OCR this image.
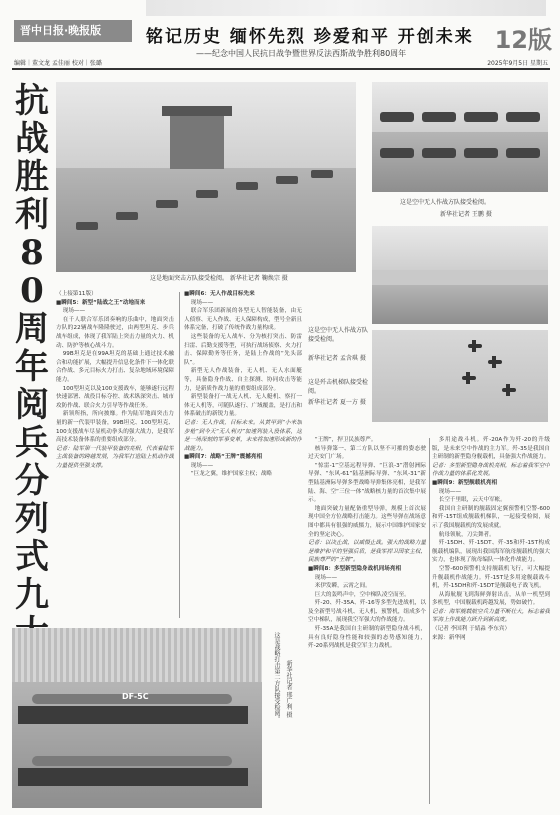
晋中日报·晚报版	铭记历史 缅怀先烈 珍爱和平 开创未来 12版
——纪念中国人民抗日战争暨世界反法西斯战争胜利80周年
编辑｜董文龙 孟佳丽 校对｜张璐	2025年9月5日 星期五
抗战胜利80周年阅兵分列式九
这是地面突击方队接受检阅。 新华社记者 鞠焕宗 摄
这是空中无人作战方队接受检阅。
新华社记者 王鹏 摄
这是空中无人作战方队接受检阅。
新华社记者 孟含琪 摄
这是歼击机梯队接受检阅。
新华社记者 夏一方 摄

（上接第11版）

■瞬间5：新型“陆战之王”动地而来

现场——

在千人联合军乐团奏响的乐曲中，地面突击方队的22辆战车隆隆驶过，由两型坦克、步兵战车组成，体现了我军陆上突击力量的火力、机动、防护等核心战斗力。

99B坦克是在99A坦克的基础上通过技术融合和功能扩展，大幅提升信息化条件下一体化联合作战、多元目标火力打击、复杂地域环境保障能力。

100型坦克以及100支援战车，能够遂行远程快速部署、战役目标夺控、战术纵深突击、城市攻防作战、联合火力引导等作战任务。

新领所指，所向披靡。作为陆军地面突击力量的新一代装甲装备，99B坦克、100型坦克、100支援战车尽显机动拳头的强大战力，是我军高技术装备体系的重要组成部分。

记者：陆军第一代装甲装备的亮相，代表着陆军主战装备的跨越发展，为我军打造陆上机动作战力量提供坚强支撑。

■瞬间6：无人作战目标先来

现场——

联合军乐团新展的各型无人智能装备，由无人侦察、无人作战、无人保障构成，型号全新且体系完备，打破了传统作战力量构成。

这些装备的无人战车、分为核打突击、防雷扫雷、后勤支援等型，可执行战场侦察、火力打击、保障勤务等任务，是陆上作战的“先头部队”。

新型无人作战装备，无人机、无人水面艇等，具备隐身作战、自主探测、协同攻击等能力，是新质作战力量的重要组成部分。

新型装备打一战无人机、无人艇机、察打一体无人机等，可随队遂行、广域覆盖，是打击和体系破击的新锐力量。

记者：无人作战，目标未来。从黄甲到“小米加步枪”到今天“无人利刃”加速列装入役体系，这是一场深刻的军事变革，未来将加速形成新的作战能力。

■瞬间7：战略“王牌”震撼亮相

现场——

“巨龙之翼，维护国家主权；战略

“王牌”，捍卫民族尊严。

核导弹第一、第二方队以坚不可摧的姿态驶过天安门广场。

“惊雷-1”空基远程导弹、“巨浪-3”潜射洲际导弹、“东风-61”陆基洲际导弹、“东风-31”新型陆基洲际导弹多型战略导弹集体亮相，是我军陆、海、空“三位一体”战略核力量的首次集中展示。

地面突破力量配备重型导弹，规模上首次展现中国全方位战略打击能力。这些导弹在战场意图中都具有很强的威慑力，展示中国维护国家安全的坚定决心。

记者：以决止战，以威慑止战。强大的战略力量是维护和平的坚强后盾，是我军捍卫国家主权、民族尊严的“王牌”。

■瞬间8：多型新型隐身战机同场亮相

现场——

米伊发瞬，云霄之间。

巨大的轰鸣声中，空中梯队凌空而至。

歼-20、歼-35A、歼-16等多型先进战机，以及全新型号战斗机、无人机、预警机，组成多个空中梯队，展现我空军强大的作战能力。

歼-35A是我国自主研制的新型隐身战斗机，具有良好隐身性能和较强的态势感知能力，歼-20系列战机是我空军主力战机。

多用途战斗机。歼-20A作为歼-20的升级版，是未来空中作战的主力军。歼-35是我国自主研制的新型隐身舰载机，具备强大作战能力。

记者：多型新型隐身战机亮相，标志着我军空中作战力量的体系化发展。

■瞬间9：新型舰载机亮相

现场——

长空千里眼，云天中军帐。

我国自主研制的舰载固定翼预警机空警-600和歼-15T组成舰载机梯队，一起接受检阅，展示了我国舰载机的发展成就。

航母领航，刀尖舞者。

歼-15DH、歼-15DT、歼-35和歼-15T构成舰载机编队，展现出我国海军航母舰载机的强大实力，也体现了航母编队一体化作战能力。

空警-600预警机支持舰载机飞行，可大幅提升舰载机作战能力。歼-15T是多用途舰载战斗机，歼-15DH和歼-15DT是舰载电子战飞机。

从海航舰飞到海鲜弹射出击，从单一机型到多机型，中国舰载机跨越发展，势如破竹。

记者：海军舰载航空兵力量不断壮大，标志着我军海上作战能力跃升到新高度。

（记者 李国利 于婧淼 李东宾）

来源：新华网

DF-5C	这是战略打击第二方队接受检阅。 新华社记者 邢广利 摄
